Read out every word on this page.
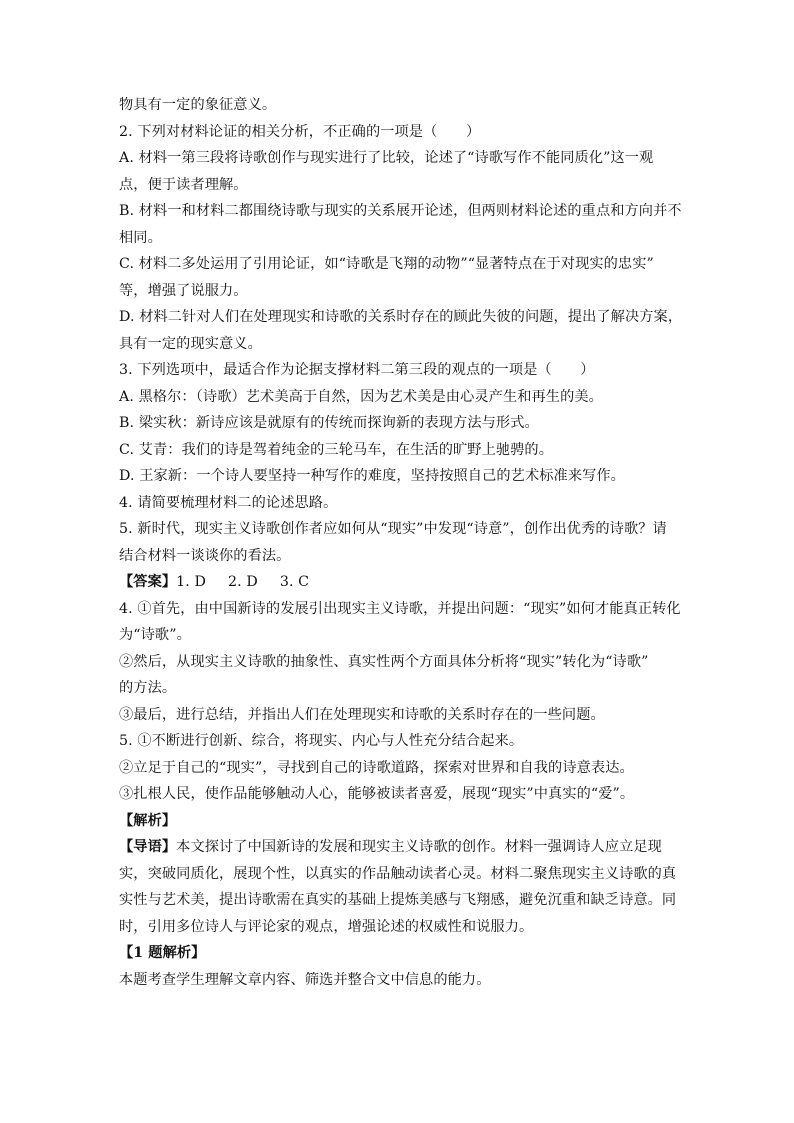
物具有一定的象征意义。
2. 下列对材料论证的相关分析，不正确的一项是（　　）
A. 材料一第三段将诗歌创作与现实进行了比较，论述了“诗歌写作不能同质化”这一观
点，便于读者理解。
B. 材料一和材料二都围绕诗歌与现实的关系展开论述，但两则材料论述的重点和方向并不
相同。
C. 材料二多处运用了引用论证，如“诗歌是飞翔的动物”“显著特点在于对现实的忠实”
等，增强了说服力。
D. 材料二针对人们在处理现实和诗歌的关系时存在的顾此失彼的问题，提出了解决方案，
具有一定的现实意义。
3. 下列选项中，最适合作为论据支撑材料二第三段的观点的一项是（　　）
A. 黑格尔：（诗歌）艺术美高于自然，因为艺术美是由心灵产生和再生的美。
B. 梁实秋：新诗应该是就原有的传统而探询新的表现方法与形式。
C. 艾青：我们的诗是驾着纯金的三轮马车，在生活的旷野上驰骋的。
D. 王家新：一个诗人要坚持一种写作的难度，坚持按照自己的艺术标准来写作。
4. 请简要梳理材料二的论述思路。
5. 新时代，现实主义诗歌创作者应如何从“现实”中发现“诗意”，创作出优秀的诗歌？请
结合材料一谈谈你的看法。
【答案】1. D 2. D 3. C
4. ①首先，由中国新诗的发展引出现实主义诗歌，并提出问题：“现实”如何才能真正转化
为“诗歌”。
②然后，从现实主义诗歌的抽象性、真实性两个方面具体分析将“现实”转化为“诗歌”
的方法。
③最后，进行总结，并指出人们在处理现实和诗歌的关系时存在的一些问题。
5. ①不断进行创新、综合，将现实、内心与人性充分结合起来。
②立足于自己的“现实”，寻找到自己的诗歌道路，探索对世界和自我的诗意表达。
③扎根人民，使作品能够触动人心，能够被读者喜爱，展现“现实”中真实的“爱”。
【解析】
【导语】本文探讨了中国新诗的发展和现实主义诗歌的创作。材料一强调诗人应立足现
实，突破同质化，展现个性，以真实的作品触动读者心灵。材料二聚焦现实主义诗歌的真
实性与艺术美，提出诗歌需在真实的基础上提炼美感与飞翔感，避免沉重和缺乏诗意。同
时，引用多位诗人与评论家的观点，增强论述的权威性和说服力。
【1 题解析】
本题考查学生理解文章内容、筛选并整合文中信息的能力。
